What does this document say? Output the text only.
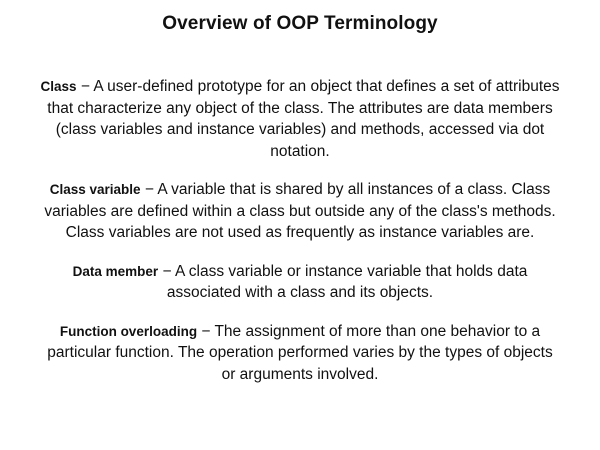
Overview of OOP Terminology

Class − A user-defined prototype for an object that defines a set of attributes that characterize any object of the class. The attributes are data members (class variables and instance variables) and methods, accessed via dot notation.

Class variable − A variable that is shared by all instances of a class. Class variables are defined within a class but outside any of the class's methods. Class variables are not used as frequently as instance variables are.

Data member − A class variable or instance variable that holds data associated with a class and its objects.

Function overloading − The assignment of more than one behavior to a particular function. The operation performed varies by the types of objects or arguments involved.
